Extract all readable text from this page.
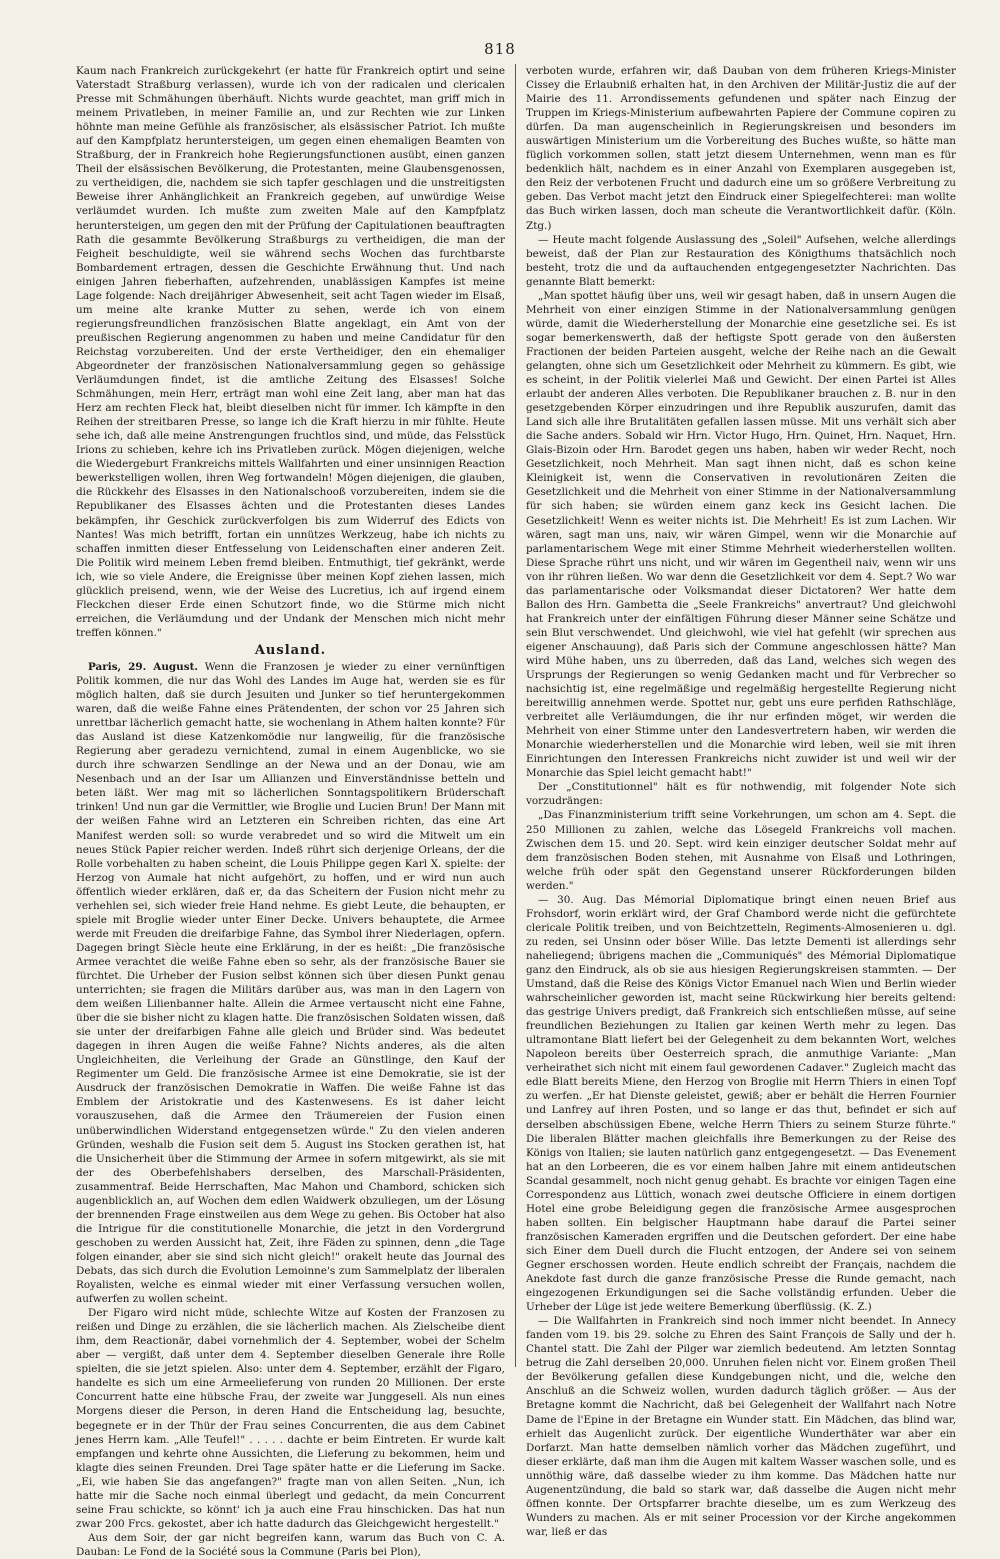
818

Kaum nach Frankreich zurückgekehrt (er hatte für Frankreich optirt und seine Vaterstadt Straßburg verlassen), wurde ich von der radicalen und clericalen Presse mit Schmähungen überhäuft. Nichts wurde geachtet, man griff mich in meinem Privatleben, in meiner Familie an, und zur Rechten wie zur Linken höhnte man meine Gefühle als französischer, als elsässischer Patriot. Ich mußte auf den Kampfplatz heruntersteigen, um gegen einen ehemaligen Beamten von Straßburg, der in Frankreich hohe Regierungsfunctionen ausübt, einen ganzen Theil der elsässischen Bevölkerung, die Protestanten, meine Glaubensgenossen, zu vertheidigen, die, nachdem sie sich tapfer geschlagen und die unstreitigsten Beweise ihrer Anhänglichkeit an Frankreich gegeben, auf unwürdige Weise verläumdet wurden. Ich mußte zum zweiten Male auf den Kampfplatz heruntersteigen, um gegen den mit der Prüfung der Capitulationen beauftragten Rath die gesammte Bevölkerung Straßburgs zu vertheidigen, die man der Feigheit beschuldigte, weil sie während sechs Wochen das furchtbarste Bombardement ertragen, dessen die Geschichte Erwähnung thut. Und nach einigen Jahren fieberhaften, aufzehrenden, unablässigen Kampfes ist meine Lage folgende: Nach dreijähriger Abwesenheit, seit acht Tagen wieder im Elsaß, um meine alte kranke Mutter zu sehen, werde ich von einem regierungsfreundlichen französischen Blatte angeklagt, ein Amt von der preußischen Regierung angenommen zu haben und meine Candidatur für den Reichstag vorzubereiten. Und der erste Vertheidiger, den ein ehemaliger Abgeordneter der französischen Nationalversammlung gegen so gehässige Verläumdungen findet, ist die amtliche Zeitung des Elsasses! Solche Schmähungen, mein Herr, erträgt man wohl eine Zeit lang, aber man hat das Herz am rechten Fleck hat, bleibt dieselben nicht für immer. Ich kämpfte in den Reihen der streitbaren Presse, so lange ich die Kraft hierzu in mir fühlte. Heute sehe ich, daß alle meine Anstrengungen fruchtlos sind, und müde, das Felsstück Irions zu schieben, kehre ich ins Privatleben zurück. Mögen diejenigen, welche die Wiedergeburt Frankreichs mittels Wallfahrten und einer unsinnigen Reaction bewerkstelligen wollen, ihren Weg fortwandeln! Mögen diejenigen, die glauben, die Rückkehr des Elsasses in den Nationalschooß vorzubereiten, indem sie die Republikaner des Elsasses ächten und die Protestanten dieses Landes bekämpfen, ihr Geschick zurückverfolgen bis zum Widerruf des Edicts von Nantes! Was mich betrifft, fortan ein unnützes Werkzeug, habe ich nichts zu schaffen inmitten dieser Entfesselung von Leidenschaften einer anderen Zeit. Die Politik wird meinem Leben fremd bleiben. Entmuthigt, tief gekränkt, werde ich, wie so viele Andere, die Ereignisse über meinen Kopf ziehen lassen, mich glücklich preisend, wenn, wie der Weise des Lucretius, ich auf irgend einem Fleckchen dieser Erde einen Schutzort finde, wo die Stürme mich nicht erreichen, die Verläumdung und der Undank der Menschen mich nicht mehr treffen können."

Ausland.

Paris, 29. August. Wenn die Franzosen je wieder zu einer vernünftigen Politik kommen, die nur das Wohl des Landes im Auge hat, werden sie es für möglich halten, daß sie durch Jesuiten und Junker so tief heruntergekommen waren, daß die weiße Fahne eines Prätendenten, der schon vor 25 Jahren sich unrettbar lächerlich gemacht hatte, sie wochenlang in Athem halten konnte? Für das Ausland ist diese Katzenkomödie nur langweilig, für die französische Regierung aber geradezu vernichtend, zumal in einem Augenblicke, wo sie durch ihre schwarzen Sendlinge an der Newa und an der Donau, wie am Nesenbach und an der Isar um Allianzen und Einverständnisse betteln und beten läßt. Wer mag mit so lächerlichen Sonntagspolitikern Brüderschaft trinken! Und nun gar die Vermittler, wie Broglie und Lucien Brun! Der Mann mit der weißen Fahne wird an Letzteren ein Schreiben richten, das eine Art Manifest werden soll: so wurde verabredet und so wird die Mitwelt um ein neues Stück Papier reicher werden. Indeß rührt sich derjenige Orleans, der die Rolle vorbehalten zu haben scheint, die Louis Philippe gegen Karl X. spielte: der Herzog von Aumale hat nicht aufgehört, zu hoffen, und er wird nun auch öffentlich wieder erklären, daß er, da das Scheitern der Fusion nicht mehr zu verhehlen sei, sich wieder freie Hand nehme. Es giebt Leute, die behaupten, er spiele mit Broglie wieder unter Einer Decke. Univers behauptete, die Armee werde mit Freuden die dreifarbige Fahne, das Symbol ihrer Niederlagen, opfern. Dagegen bringt Siècle heute eine Erklärung, in der es heißt: „Die französische Armee verachtet die weiße Fahne eben so sehr, als der französische Bauer sie fürchtet. Die Urheber der Fusion selbst können sich über diesen Punkt genau unterrichten; sie fragen die Militärs darüber aus, was man in den Lagern von dem weißen Lilienbanner halte. Allein die Armee vertauscht nicht eine Fahne, über die sie bisher nicht zu klagen hatte. Die französischen Soldaten wissen, daß sie unter der dreifarbigen Fahne alle gleich und Brüder sind. Was bedeutet dagegen in ihren Augen die weiße Fahne? Nichts anderes, als die alten Ungleichheiten, die Verleihung der Grade an Günstlinge, den Kauf der Regimenter um Geld. Die französische Armee ist eine Demokratie, sie ist der Ausdruck der französischen Demokratie in Waffen. Die weiße Fahne ist das Emblem der Aristokratie und des Kastenwesens. Es ist daher leicht vorauszusehen, daß die Armee den Träumereien der Fusion einen unüberwindlichen Widerstand entgegensetzen würde." Zu den vielen anderen Gründen, weshalb die Fusion seit dem 5. August ins Stocken gerathen ist, hat die Unsicherheit über die Stimmung der Armee in sofern mitgewirkt, als sie mit der des Oberbefehlshabers derselben, des Marschall-Präsidenten, zusammentraf. Beide Herrschaften, Mac Mahon und Chambord, schicken sich augenblicklich an, auf Wochen dem edlen Waidwerk obzuliegen, um der Lösung der brennenden Frage einstweilen aus dem Wege zu gehen. Bis October hat also die Intrigue für die constitutionelle Monarchie, die jetzt in den Vordergrund geschoben zu werden Aussicht hat, Zeit, ihre Fäden zu spinnen, denn „die Tage folgen einander, aber sie sind sich nicht gleich!" orakelt heute das Journal des Debats, das sich durch die Evolution Lemoinne's zum Sammelplatz der liberalen Royalisten, welche es einmal wieder mit einer Verfassung versuchen wollen, aufwerfen zu wollen scheint.

Der Figaro wird nicht müde, schlechte Witze auf Kosten der Franzosen zu reißen und Dinge zu erzählen, die sie lächerlich machen. Als Zielscheibe dient ihm, dem Reactionär, dabei vornehmlich der 4. September, wobei der Schelm aber — vergißt, daß unter dem 4. September dieselben Generale ihre Rolle spielten, die sie jetzt spielen. Also: unter dem 4. September, erzählt der Figaro, handelte es sich um eine Armeelieferung von runden 20 Millionen. Der erste Concurrent hatte eine hübsche Frau, der zweite war Junggesell. Als nun eines Morgens dieser die Person, in deren Hand die Entscheidung lag, besuchte, begegnete er in der Thür der Frau seines Concurrenten, die aus dem Cabinet jenes Herrn kam. „Alle Teufel!" . . . . . dachte er beim Eintreten. Er wurde kalt empfangen und kehrte ohne Aussichten, die Lieferung zu bekommen, heim und klagte dies seinen Freunden. Drei Tage später hatte er die Lieferung im Sacke. „Ei, wie haben Sie das angefangen?" fragte man von allen Seiten. „Nun, ich hatte mir die Sache noch einmal überlegt und gedacht, da mein Concurrent seine Frau schickte, so könnt' ich ja auch eine Frau hinschicken. Das hat nun zwar 200 Frcs. gekostet, aber ich hatte dadurch das Gleichgewicht hergestellt."

Aus dem Soir, der gar nicht begreifen kann, warum das Buch von C. A. Dauban: Le Fond de la Société sous la Commune (Paris bei Plon),

verboten wurde, erfahren wir, daß Dauban von dem früheren Kriegs-Minister Cissey die Erlaubniß erhalten hat, in den Archiven der Militär-Justiz die auf der Mairie des 11. Arrondissements gefundenen und später nach Einzug der Truppen im Kriegs-Ministerium aufbewahrten Papiere der Commune copiren zu dürfen. Da man augenscheinlich in Regierungskreisen und besonders im auswärtigen Ministerium um die Vorbereitung des Buches wußte, so hätte man füglich vorkommen sollen, statt jetzt diesem Unternehmen, wenn man es für bedenklich hält, nachdem es in einer Anzahl von Exemplaren ausgegeben ist, den Reiz der verbotenen Frucht und dadurch eine um so größere Verbreitung zu geben. Das Verbot macht jetzt den Eindruck einer Spiegelfechterei: man wollte das Buch wirken lassen, doch man scheute die Verantwortlichkeit dafür. (Köln. Ztg.)

— Heute macht folgende Auslassung des „Soleil" Aufsehen, welche allerdings beweist, daß der Plan zur Restauration des Königthums thatsächlich noch besteht, trotz die und da auftauchenden entgegengesetzter Nachrichten. Das genannte Blatt bemerkt:

„Man spottet häufig über uns, weil wir gesagt haben, daß in unsern Augen die Mehrheit von einer einzigen Stimme in der Nationalversammlung genügen würde, damit die Wiederherstellung der Monarchie eine gesetzliche sei. Es ist sogar bemerkenswerth, daß der heftigste Spott gerade von den äußersten Fractionen der beiden Parteien ausgeht, welche der Reihe nach an die Gewalt gelangten, ohne sich um Gesetzlichkeit oder Mehrheit zu kümmern. Es gibt, wie es scheint, in der Politik vielerlei Maß und Gewicht. Der einen Partei ist Alles erlaubt der anderen Alles verboten. Die Republikaner brauchen z. B. nur in den gesetzgebenden Körper einzudringen und ihre Republik auszurufen, damit das Land sich alle ihre Brutalitäten gefallen lassen müsse. Mit uns verhält sich aber die Sache anders. Sobald wir Hrn. Victor Hugo, Hrn. Quinet, Hrn. Naquet, Hrn. Glais-Bizoin oder Hrn. Barodet gegen uns haben, haben wir weder Recht, noch Gesetzlichkeit, noch Mehrheit. Man sagt ihnen nicht, daß es schon keine Kleinigkeit ist, wenn die Conservativen in revolutionären Zeiten die Gesetzlichkeit und die Mehrheit von einer Stimme in der Nationalversammlung für sich haben; sie würden einem ganz keck ins Gesicht lachen. Die Gesetzlichkeit! Wenn es weiter nichts ist. Die Mehrheit! Es ist zum Lachen. Wir wären, sagt man uns, naiv, wir wären Gimpel, wenn wir die Monarchie auf parlamentarischem Wege mit einer Stimme Mehrheit wiederherstellen wollten. Diese Sprache rührt uns nicht, und wir wären im Gegentheil naiv, wenn wir uns von ihr rühren ließen. Wo war denn die Gesetzlichkeit vor dem 4. Sept.? Wo war das parlamentarische oder Volksmandat dieser Dictatoren? Wer hatte dem Ballon des Hrn. Gambetta die „Seele Frankreichs" anvertraut? Und gleichwohl hat Frankreich unter der einfältigen Führung dieser Männer seine Schätze und sein Blut verschwendet. Und gleichwohl, wie viel hat gefehlt (wir sprechen aus eigener Anschauung), daß Paris sich der Commune angeschlossen hätte? Man wird Mühe haben, uns zu überreden, daß das Land, welches sich wegen des Ursprungs der Regierungen so wenig Gedanken macht und für Verbrecher so nachsichtig ist, eine regelmäßige und regelmäßig hergestellte Regierung nicht bereitwillig annehmen werde. Spottet nur, gebt uns eure perfiden Rathschläge, verbreitet alle Verläumdungen, die ihr nur erfinden möget, wir werden die Mehrheit von einer Stimme unter den Landesvertretern haben, wir werden die Monarchie wiederherstellen und die Monarchie wird leben, weil sie mit ihren Einrichtungen den Interessen Frankreichs nicht zuwider ist und weil wir der Monarchie das Spiel leicht gemacht habt!"

Der „Constitutionnel" hält es für nothwendig, mit folgender Note sich vorzudrängen:

„Das Finanzministerium trifft seine Vorkehrungen, um schon am 4. Sept. die 250 Millionen zu zahlen, welche das Lösegeld Frankreichs voll machen. Zwischen dem 15. und 20. Sept. wird kein einziger deutscher Soldat mehr auf dem französischen Boden stehen, mit Ausnahme von Elsaß und Lothringen, welche früh oder spät den Gegenstand unserer Rückforderungen bilden werden."

— 30. Aug. Das Mémorial Diplomatique bringt einen neuen Brief aus Frohsdorf, worin erklärt wird, der Graf Chambord werde nicht die gefürchtete clericale Politik treiben, und von Beichtzetteln, Regiments-Almosenieren u. dgl. zu reden, sei Unsinn oder böser Wille. Das letzte Dementi ist allerdings sehr naheliegend; übrigens machen die „Communiqués" des Mémorial Diplomatique ganz den Eindruck, als ob sie aus hiesigen Regierungskreisen stammten. — Der Umstand, daß die Reise des Königs Victor Emanuel nach Wien und Berlin wieder wahrscheinlicher geworden ist, macht seine Rückwirkung hier bereits geltend: das gestrige Univers predigt, daß Frankreich sich entschließen müsse, auf seine freundlichen Beziehungen zu Italien gar keinen Werth mehr zu legen. Das ultramontane Blatt liefert bei der Gelegenheit zu dem bekannten Wort, welches Napoleon bereits über Oesterreich sprach, die anmuthige Variante: „Man verheirathet sich nicht mit einem faul gewordenen Cadaver." Zugleich macht das edle Blatt bereits Miene, den Herzog von Broglie mit Herrn Thiers in einen Topf zu werfen. „Er hat Dienste geleistet, gewiß; aber er behält die Herren Fournier und Lanfrey auf ihren Posten, und so lange er das thut, befindet er sich auf derselben abschüssigen Ebene, welche Herrn Thiers zu seinem Sturze führte." Die liberalen Blätter machen gleichfalls ihre Bemerkungen zu der Reise des Königs von Italien; sie lauten natürlich ganz entgegengesetzt. — Das Evenement hat an den Lorbeeren, die es vor einem halben Jahre mit einem antideutschen Scandal gesammelt, noch nicht genug gehabt. Es brachte vor einigen Tagen eine Correspondenz aus Lüttich, wonach zwei deutsche Officiere in einem dortigen Hotel eine grobe Beleidigung gegen die französische Armee ausgesprochen haben sollten. Ein belgischer Hauptmann habe darauf die Partei seiner französischen Kameraden ergriffen und die Deutschen gefordert. Der eine habe sich Einer dem Duell durch die Flucht entzogen, der Andere sei von seinem Gegner erschossen worden. Heute endlich schreibt der Français, nachdem die Anekdote fast durch die ganze französische Presse die Runde gemacht, nach eingezogenen Erkundigungen sei die Sache vollständig erfunden. Ueber die Urheber der Lüge ist jede weitere Bemerkung überflüssig. (K. Z.)

— Die Wallfahrten in Frankreich sind noch immer nicht beendet. In Annecy fanden vom 19. bis 29. solche zu Ehren des Saint François de Sally und der h. Chantel statt. Die Zahl der Pilger war ziemlich bedeutend. Am letzten Sonntag betrug die Zahl derselben 20,000. Unruhen fielen nicht vor. Einem großen Theil der Bevölkerung gefallen diese Kundgebungen nicht, und die, welche den Anschluß an die Schweiz wollen, wurden dadurch täglich größer. — Aus der Bretagne kommt die Nachricht, daß bei Gelegenheit der Wallfahrt nach Notre Dame de l'Epine in der Bretagne ein Wunder statt. Ein Mädchen, das blind war, erhielt das Augenlicht zurück. Der eigentliche Wunderthäter war aber ein Dorfarzt. Man hatte demselben nämlich vorher das Mädchen zugeführt, und dieser erklärte, daß man ihm die Augen mit kaltem Wasser waschen solle, und es unnöthig wäre, daß dasselbe wieder zu ihm komme. Das Mädchen hatte nur Augenentzündung, die bald so stark war, daß dasselbe die Augen nicht mehr öffnen konnte. Der Ortspfarrer brachte dieselbe, um es zum Werkzeug des Wunders zu machen. Als er mit seiner Procession vor der Kirche angekommen war, ließ er das
